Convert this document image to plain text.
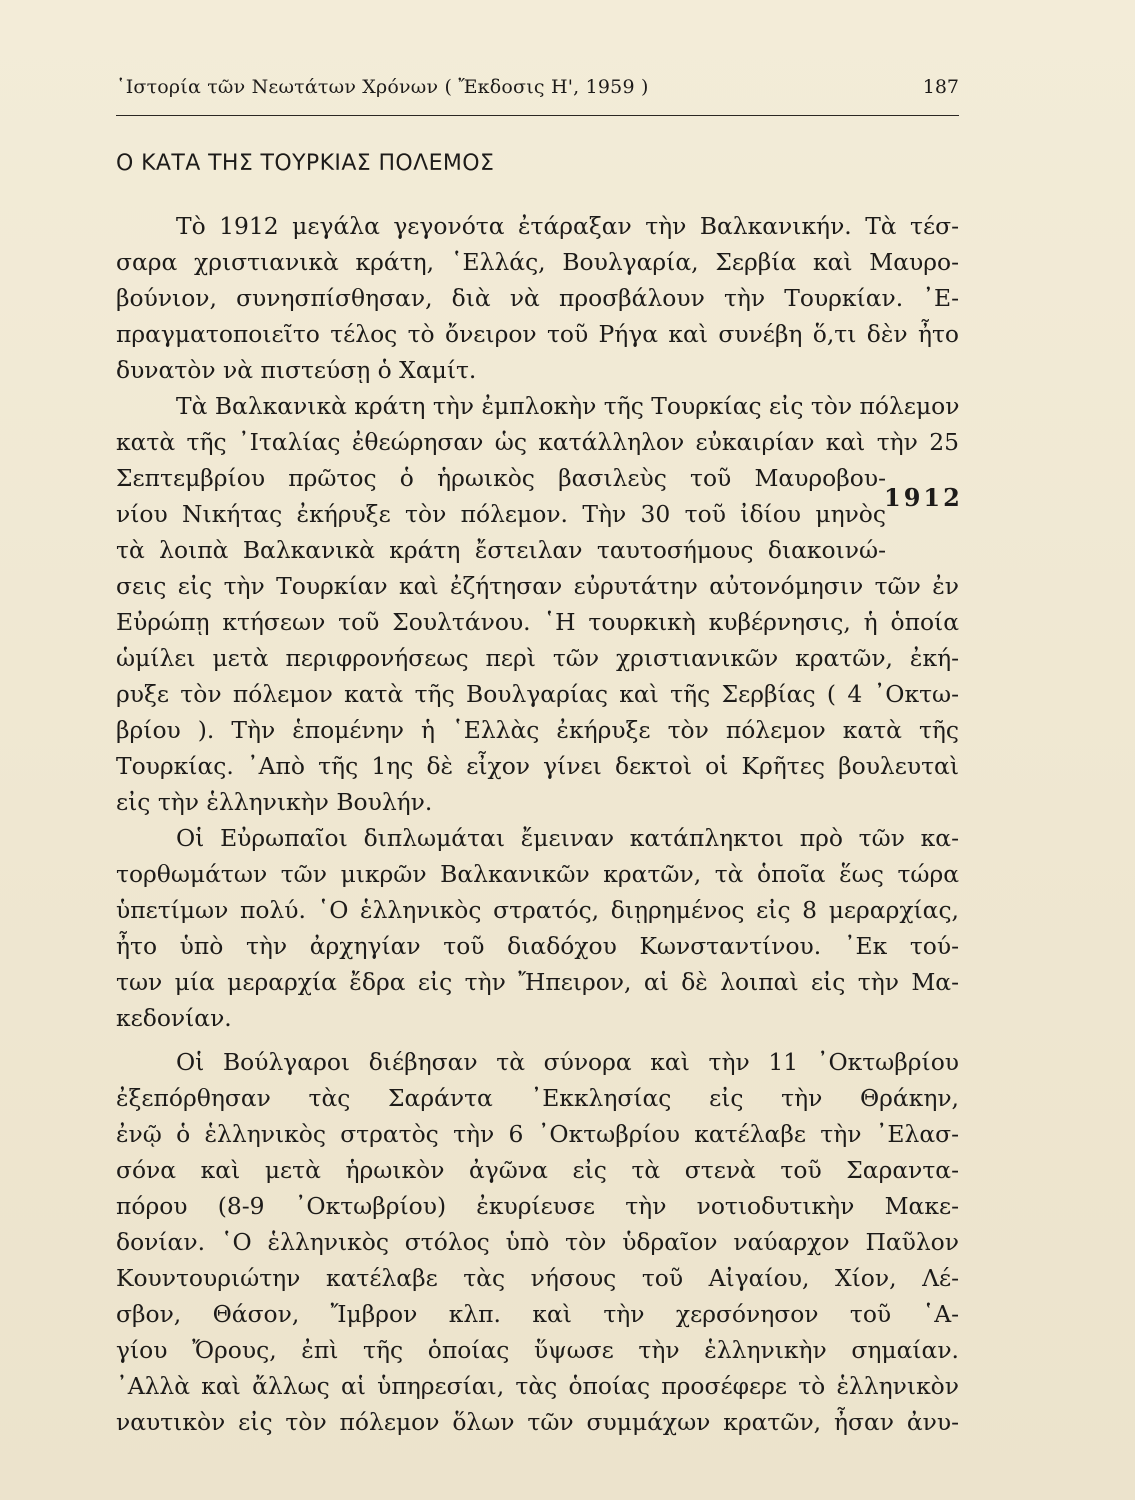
῾Ιστορία τῶν Νεωτάτων Χρόνων ( Ἔκδοσις Η', 1959 )	187
Ο ΚΑΤΑ ΤΗΣ ΤΟΥΡΚΙΑΣ ΠΟΛΕΜΟΣ
1912
Τὸ 1912 μεγάλα γεγονότα ἐτάραξαν τὴν Βαλκανικήν. Τὰ τέσ-
σαρα χριστιανικὰ κράτη, ῾Ελλάς, Βουλγαρία, Σερβία καὶ Μαυρο-
βούνιον, συνησπίσθησαν, διὰ νὰ προσβάλουν τὴν Τουρκίαν. ᾽Ε-
πραγματοποιεῖτο τέλος τὸ ὄνειρον τοῦ Ρήγα καὶ συνέβη ὅ,τι δὲν ἦτο
δυνατὸν νὰ πιστεύσῃ ὁ Χαμίτ.
Τὰ Βαλκανικὰ κράτη τὴν ἐμπλοκὴν τῆς Τουρκίας εἰς τὸν πόλεμον
κατὰ τῆς ᾽Ιταλίας ἐθεώρησαν ὡς κατάλληλον εὐκαιρίαν καὶ τὴν 25
Σεπτεμβρίου πρῶτος ὁ ἡρωικὸς βασιλεὺς τοῦ Μαυροβου-
νίου Νικήτας ἐκήρυξε τὸν πόλεμον. Τὴν 30 τοῦ ἰδίου μηνὸς
τὰ λοιπὰ Βαλκανικὰ κράτη ἔστειλαν ταυτοσήμους διακοινώ-
σεις εἰς τὴν Τουρκίαν καὶ ἐζήτησαν εὐρυτάτην αὐτονόμησιν τῶν ἐν
Εὐρώπῃ κτήσεων τοῦ Σουλτάνου. ῾Η τουρκικὴ κυβέρνησις, ἡ ὁποία
ὡμίλει μετὰ περιφρονήσεως περὶ τῶν χριστιανικῶν κρατῶν, ἐκή-
ρυξε τὸν πόλεμον κατὰ τῆς Βουλγαρίας καὶ τῆς Σερβίας ( 4 ᾽Οκτω-
βρίου ). Τὴν ἑπομένην ἡ ῾Ελλὰς ἐκήρυξε τὸν πόλεμον κατὰ τῆς
Τουρκίας. ᾽Απὸ τῆς 1ης δὲ εἶχον γίνει δεκτοὶ οἱ Κρῆτες βουλευταὶ
εἰς τὴν ἑλληνικὴν Βουλήν.
Οἱ Εὐρωπαῖοι διπλωμάται ἔμειναν κατάπληκτοι πρὸ τῶν κα-
τορθωμάτων τῶν μικρῶν Βαλκανικῶν κρατῶν, τὰ ὁποῖα ἕως τώρα
ὑπετίμων πολύ. ῾Ο ἑλληνικὸς στρατός, διῃρημένος εἰς 8 μεραρχίας,
ἦτο ὑπὸ τὴν ἀρχηγίαν τοῦ διαδόχου Κωνσταντίνου. ᾽Εκ τού-
των μία μεραρχία ἔδρα εἰς τὴν Ἤπειρον, αἱ δὲ λοιπαὶ εἰς τὴν Μα-
κεδονίαν.
Οἱ Βούλγαροι διέβησαν τὰ σύνορα καὶ τὴν 11 ᾽Οκτωβρίου
ἐξεπόρθησαν τὰς Σαράντα ᾽Εκκλησίας εἰς τὴν Θράκην,
ἐνῷ ὁ ἑλληνικὸς στρατὸς τὴν 6 ᾽Οκτωβρίου κατέλαβε τὴν ᾽Ελασ-
σόνα καὶ μετὰ ἡρωικὸν ἀγῶνα εἰς τὰ στενὰ τοῦ Σαραντα-
πόρου (8-9 ᾽Οκτωβρίου) ἐκυρίευσε τὴν νοτιοδυτικὴν Μακε-
δονίαν. ῾Ο ἑλληνικὸς στόλος ὑπὸ τὸν ὑδραῖον ναύαρχον Παῦλον
Κουντουριώτην κατέλαβε τὰς νήσους τοῦ Αἰγαίου, Χίον, Λέ-
σβον, Θάσον, Ἴμβρον κλπ. καὶ τὴν χερσόνησον τοῦ ῾Α-
γίου Ὄρους, ἐπὶ τῆς ὁποίας ὕψωσε τὴν ἑλληνικὴν σημαίαν.
᾽Αλλὰ καὶ ἄλλως αἱ ὑπηρεσίαι, τὰς ὁποίας προσέφερε τὸ ἑλληνικὸν
ναυτικὸν εἰς τὸν πόλεμον ὅλων τῶν συμμάχων κρατῶν, ἦσαν ἀνυ-
